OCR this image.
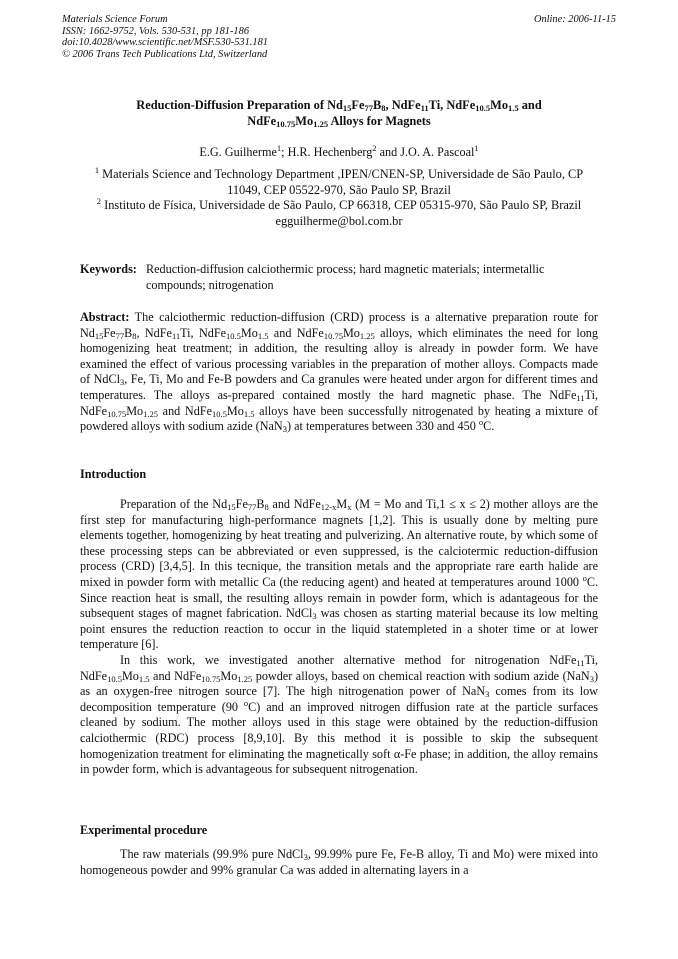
Materials Science Forum
ISSN: 1662-9752, Vols. 530-531, pp 181-186
doi:10.4028/www.scientific.net/MSF.530-531.181
© 2006 Trans Tech Publications Ltd, Switzerland
Online: 2006-11-15
Reduction-Diffusion Preparation of $Nd_{15}Fe_{77}B_8$, NdFe$_{11}$Ti, $NdFe_{10.5}Mo_{1.5}$ and
$NdFe_{10.75}Mo_{1.25}$ Alloys for Magnets
E.G. Guilherme$^1$; H.R. Hechenberg$^2$ and J.O. A. Pascoal$^1$
$^1$ Materials Science and Technology Department ,IPEN/CNEN-SP, Universidade de São Paulo, CP 11049, CEP 05522-970, São Paulo SP, Brazil
$^2$ Instituto de Física, Universidade de São Paulo, CP 66318, CEP 05315-970, São Paulo SP, Brazil
egguilherme@bol.com.br
Keywords: Reduction-diffusion calciothermic process; hard magnetic materials; intermetallic compounds; nitrogenation
Abstract: The calciothermic reduction-diffusion (CRD) process is a alternative preparation route for $Nd_{15}Fe_{77}B_8$, NdFe$_{11}$Ti, $NdFe_{10.5}Mo_{1.5}$ and $NdFe_{10.75}Mo_{1.25}$ alloys, which eliminates the need for long homogenizing heat treatment; in addition, the resulting alloy is already in powder form. We have examined the effect of various processing variables in the preparation of mother alloys. Compacts made of NdCl$_3$, Fe, Ti, Mo and Fe-B powders and Ca granules were heated under argon for different times and temperatures. The alloys as-prepared contained mostly the hard magnetic phase. The NdFe$_{11}$Ti, $NdFe_{10.75}Mo_{1.25}$ and $NdFe_{10.5}Mo_{1.5}$ alloys have been successfully nitrogenated by heating a mixture of powdered alloys with sodium azide (NaN$_3$) at temperatures between 330 and 450 $^o$C.
Introduction

Preparation of the $Nd_{15}Fe_{77}B_8$ and $NdFe_{12-x}M_x$ (M = Mo and Ti,1 ≤ x ≤ 2) mother alloys are the first step for manufacturing high-performance magnets [1,2]. This is usually done by melting pure elements together, homogenizing by heat treating and pulverizing. An alternative route, by which some of these processing steps can be abbreviated or even suppressed, is the calciotermic reduction-diffusion process (CRD) [3,4,5]. In this tecnique, the transition metals and the appropriate rare earth halide are mixed in powder form with metallic Ca (the reducing agent) and heated at temperatures around 1000 $^o$C. Since reaction heat is small, the resulting alloys remain in powder form, which is adantageous for the subsequent stages of magnet fabrication. NdCl$_3$ was chosen as starting material because its low melting point ensures the reduction reaction to occur in the liquid statempleted in a shoter time or at lower temperature [6].

In this work, we investigated another alternative method for nitrogenation NdFe$_{11}$Ti, $NdFe_{10.5}Mo_{1.5}$ and $NdFe_{10.75}Mo_{1.25}$ powder alloys, based on chemical reaction with sodium azide (NaN$_3$) as an oxygen-free nitrogen source [7]. The high nitrogenation power of NaN$_3$ comes from its low decomposition temperature (90 $^o$C) and an improved nitrogen diffusion rate at the particle surfaces cleaned by sodium. The mother alloys used in this stage were obtained by the reduction-diffusion calciothermic (RDC) process [8,9,10]. By this method it is possible to skip the subsequent homogenization treatment for eliminating the magnetically soft α-Fe phase; in addition, the alloy remains in powder form, which is advantageous for subsequent nitrogenation.

Experimental procedure

The raw materials (99.9% pure NdCl$_3$, 99.99% pure Fe, Fe-B alloy, Ti and Mo) were mixed into homogeneous powder and 99% granular Ca was added in alternating layers in a
